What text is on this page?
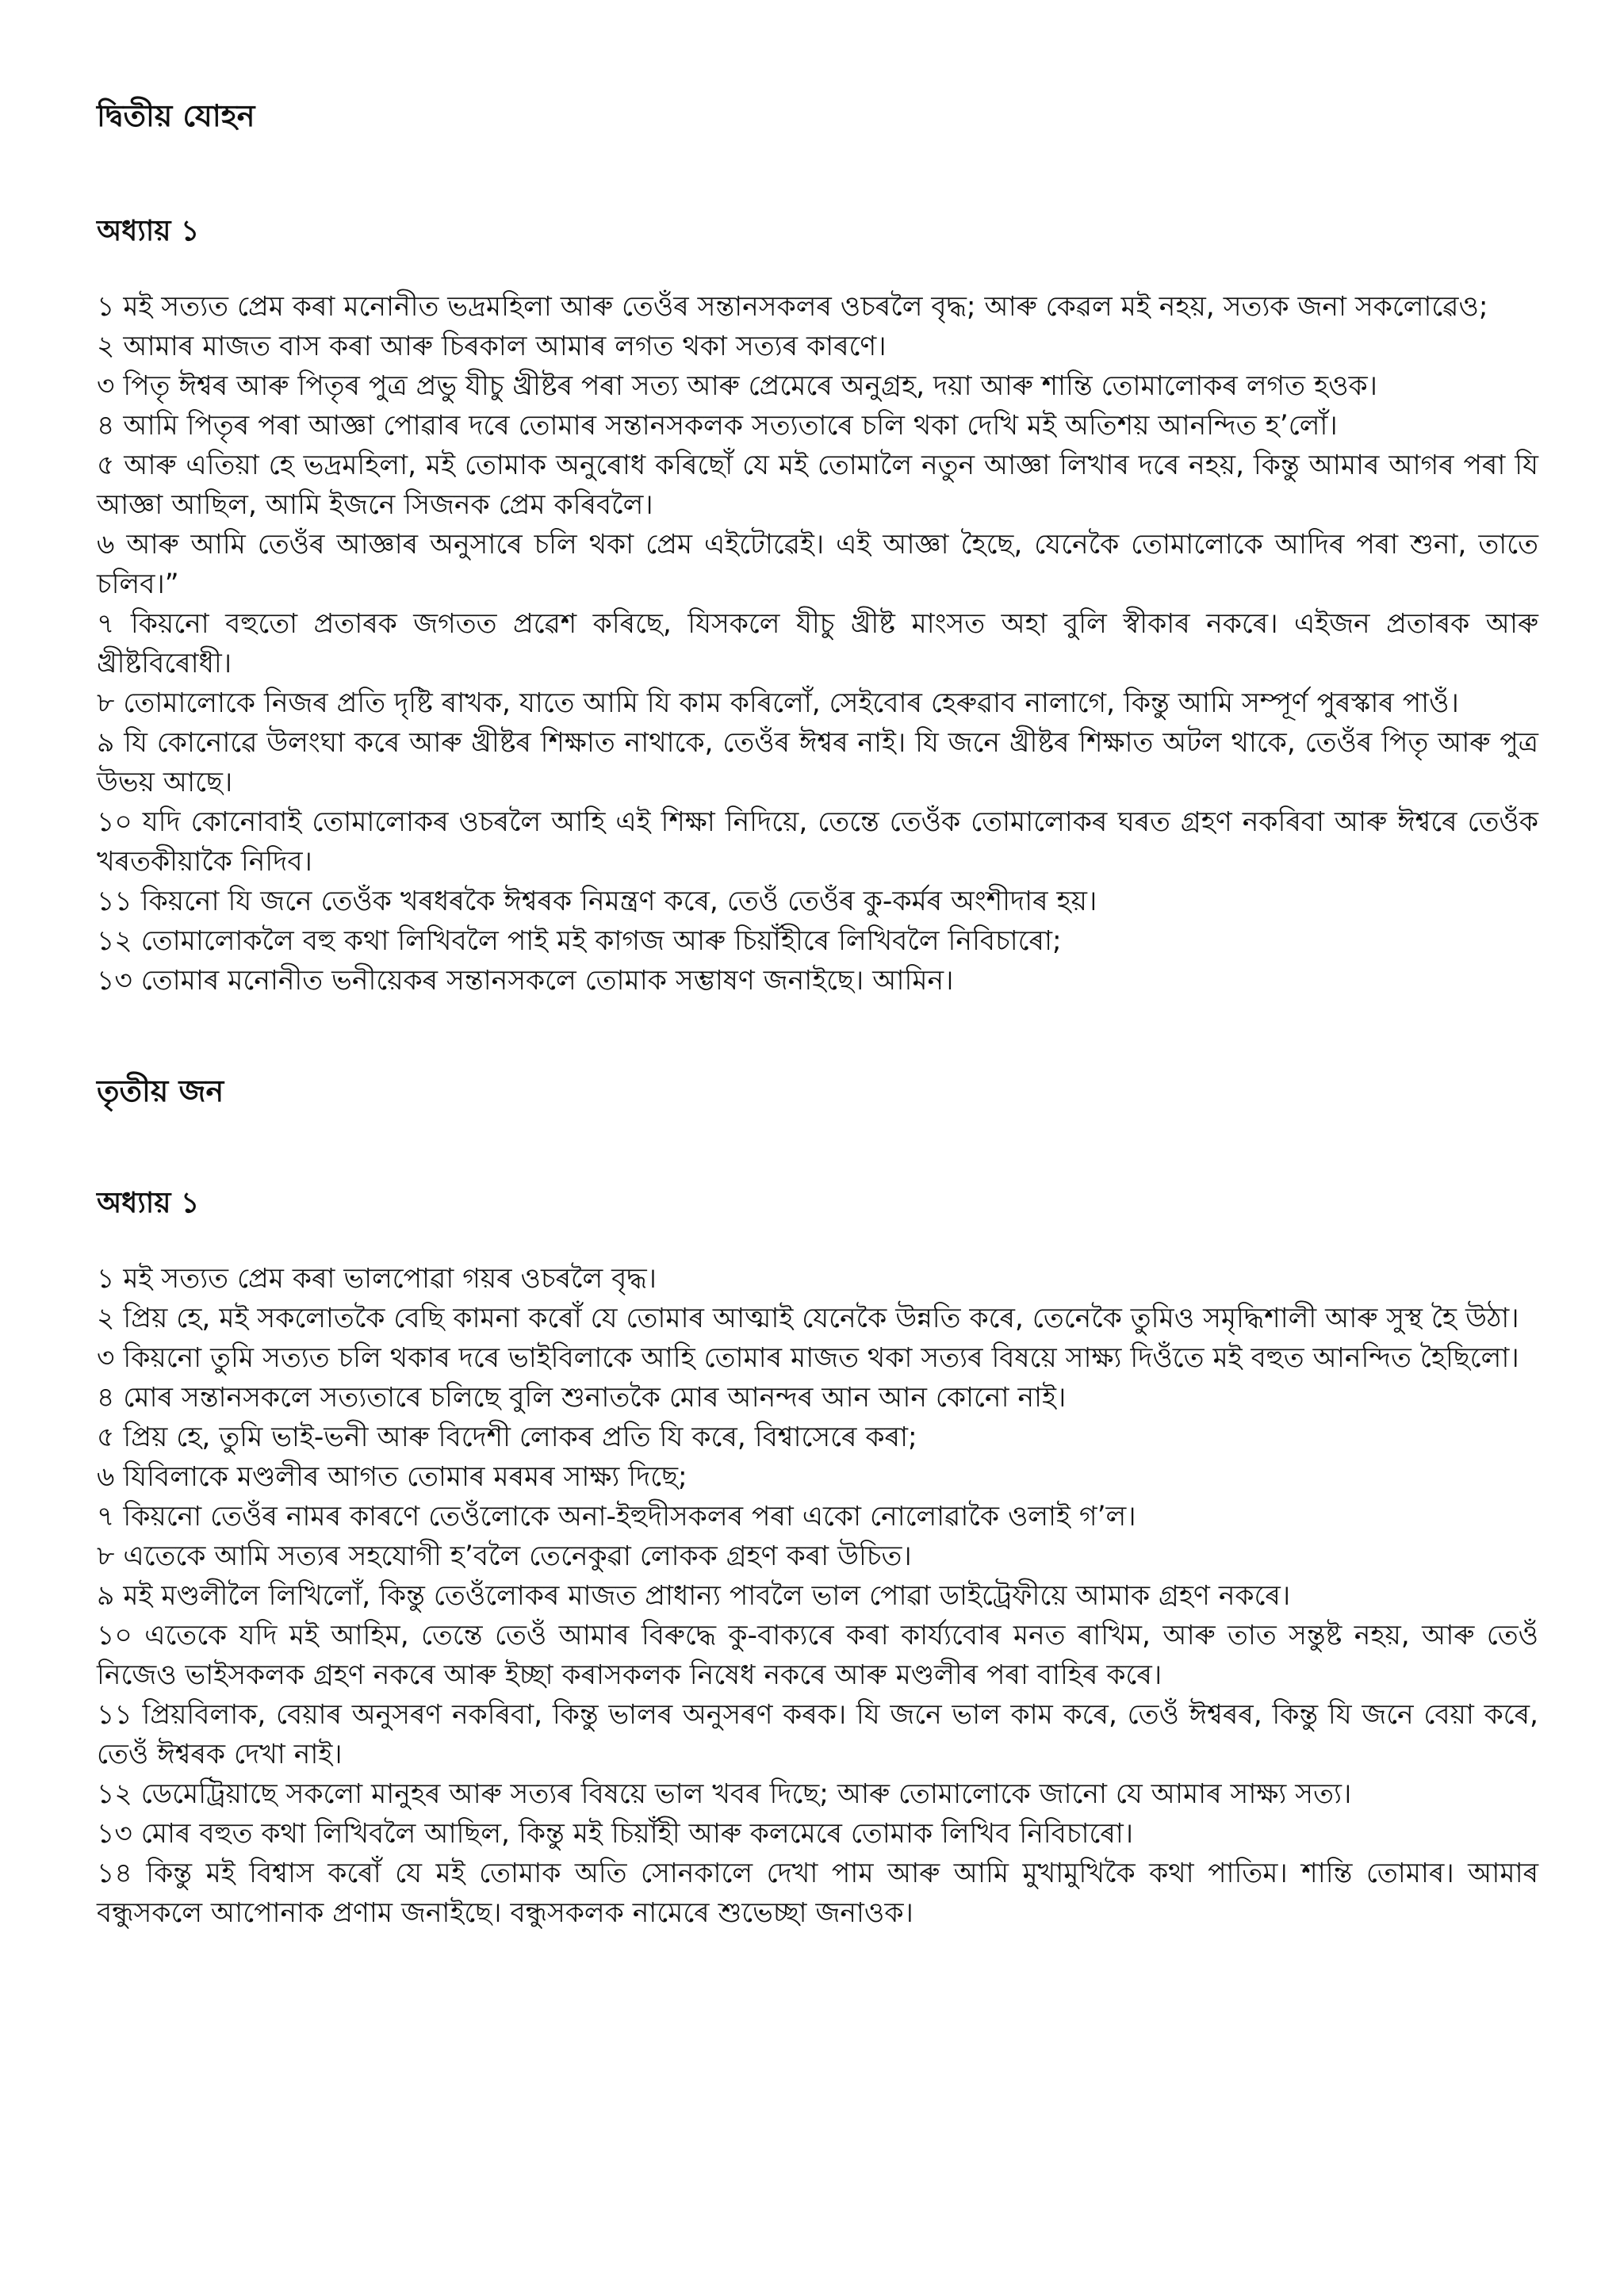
দ্বিতীয় যোহন
অধ্যায় ১

১ মই সত্যত প্ৰেম কৰা মনোনীত ভদ্ৰমহিলা আৰু তেওঁৰ সন্তানসকলৰ ওচৰলৈ বৃদ্ধ; আৰু কেৱল মই নহয়, সত্যক জনা সকলোৱেও;

২ আমাৰ মাজত বাস কৰা আৰু চিৰকাল আমাৰ লগত থকা সত্যৰ কাৰণে।

৩ পিতৃ ঈশ্বৰ আৰু পিতৃৰ পুত্ৰ প্ৰভু যীচু খ্ৰীষ্টৰ পৰা সত্য আৰু প্ৰেমেৰে অনুগ্ৰহ, দয়া আৰু শান্তি তোমালোকৰ লগত হওক।

৪ আমি পিতৃৰ পৰা আজ্ঞা পোৱাৰ দৰে তোমাৰ সন্তানসকলক সত্যতাৰে চলি থকা দেখি মই অতিশয় আনন্দিত হ’লোঁ।

৫ আৰু এতিয়া হে ভদ্ৰমহিলা, মই তোমাক অনুৰোধ কৰিছোঁ যে মই তোমালৈ নতুন আজ্ঞা লিখাৰ দৰে নহয়, কিন্তু আমাৰ আগৰ পৰা যি আজ্ঞা আছিল, আমি ইজনে সিজনক প্ৰেম কৰিবলৈ।

৬ আৰু আমি তেওঁৰ আজ্ঞাৰ অনুসাৰে চলি থকা প্ৰেম এইটোৱেই। এই আজ্ঞা হৈছে, যেনেকৈ তোমালোকে আদিৰ পৰা শুনা, তাতে চলিব।”

৭ কিয়নো বহুতো প্ৰতাৰক জগতত প্ৰৱেশ কৰিছে, যিসকলে যীচু খ্ৰীষ্ট মাংসত অহা বুলি স্বীকাৰ নকৰে। এইজন প্ৰতাৰক আৰু খ্ৰীষ্টবিৰোধী।

৮ তোমালোকে নিজৰ প্ৰতি দৃষ্টি ৰাখক, যাতে আমি যি কাম কৰিলোঁ, সেইবোৰ হেৰুৱাব নালাগে, কিন্তু আমি সম্পূৰ্ণ পুৰস্কাৰ পাওঁ।

৯ যি কোনোৱে উলংঘা কৰে আৰু খ্ৰীষ্টৰ শিক্ষাত নাথাকে, তেওঁৰ ঈশ্বৰ নাই। যি জনে খ্ৰীষ্টৰ শিক্ষাত অটল থাকে, তেওঁৰ পিতৃ আৰু পুত্ৰ উভয় আছে।

১০ যদি কোনোবাই তোমালোকৰ ওচৰলৈ আহি এই শিক্ষা নিদিয়ে, তেন্তে তেওঁক তোমালোকৰ ঘৰত গ্ৰহণ নকৰিবা আৰু ঈশ্বৰে তেওঁক খৰতকীয়াকৈ নিদিব।

১১ কিয়নো যি জনে তেওঁক খৰধৰকৈ ঈশ্বৰক নিমন্ত্ৰণ কৰে, তেওঁ তেওঁৰ কু-কৰ্মৰ অংশীদাৰ হয়।

১২ তোমালোকলৈ বহু কথা লিখিবলৈ পাই মই কাগজ আৰু চিয়াঁহীৰে লিখিবলৈ নিবিচাৰো;

১৩ তোমাৰ মনোনীত ভনীয়েকৰ সন্তানসকলে তোমাক সম্ভাষণ জনাইছে। আমিন।

তৃতীয় জন
অধ্যায় ১

১ মই সত্যত প্ৰেম কৰা ভালপোৱা গয়ৰ ওচৰলৈ বৃদ্ধ।

২ প্ৰিয় হে, মই সকলোতকৈ বেছি কামনা কৰোঁ যে তোমাৰ আত্মাই যেনেকৈ উন্নতি কৰে, তেনেকৈ তুমিও সমৃদ্ধিশালী আৰু সুস্থ হৈ উঠা।

৩ কিয়নো তুমি সত্যত চলি থকাৰ দৰে ভাইবিলাকে আহি তোমাৰ মাজত থকা সত্যৰ বিষয়ে সাক্ষ্য দিওঁতে মই বহুত আনন্দিত হৈছিলো।

৪ মোৰ সন্তানসকলে সত্যতাৰে চলিছে বুলি শুনাতকৈ মোৰ আনন্দৰ আন আন কোনো নাই।

৫ প্ৰিয় হে, তুমি ভাই-ভনী আৰু বিদেশী লোকৰ প্ৰতি যি কৰে, বিশ্বাসেৰে কৰা;

৬ যিবিলাকে মণ্ডলীৰ আগত তোমাৰ মৰমৰ সাক্ষ্য দিছে;

৭ কিয়নো তেওঁৰ নামৰ কাৰণে তেওঁলোকে অনা-ইহুদীসকলৰ পৰা একো নোলোৱাকৈ ওলাই গ’ল।

৮ এতেকে আমি সত্যৰ সহযোগী হ’বলৈ তেনেকুৱা লোকক গ্ৰহণ কৰা উচিত।

৯ মই মণ্ডলীলৈ লিখিলোঁ, কিন্তু তেওঁলোকৰ মাজত প্ৰাধান্য পাবলৈ ভাল পোৱা ডাইট্ৰেফীয়ে আমাক গ্ৰহণ নকৰে।

১০ এতেকে যদি মই আহিম, তেন্তে তেওঁ আমাৰ বিৰুদ্ধে কু-বাক্যৰে কৰা কাৰ্য্যবোৰ মনত ৰাখিম, আৰু তাত সন্তুষ্ট নহয়, আৰু তেওঁ নিজেও ভাইসকলক গ্ৰহণ নকৰে আৰু ইচ্ছা কৰাসকলক নিষেধ নকৰে আৰু মণ্ডলীৰ পৰা বাহিৰ কৰে।

১১ প্ৰিয়বিলাক, বেয়াৰ অনুসৰণ নকৰিবা, কিন্তু ভালৰ অনুসৰণ কৰক। যি জনে ভাল কাম কৰে, তেওঁ ঈশ্বৰৰ, কিন্তু যি জনে বেয়া কৰে, তেওঁ ঈশ্বৰক দেখা নাই।

১২ ডেমেট্ৰিয়াছে সকলো মানুহৰ আৰু সত্যৰ বিষয়ে ভাল খবৰ দিছে; আৰু তোমালোকে জানো যে আমাৰ সাক্ষ্য সত্য।

১৩ মোৰ বহুত কথা লিখিবলৈ আছিল, কিন্তু মই চিয়াঁহী আৰু কলমেৰে তোমাক লিখিব নিবিচাৰো।

১৪ কিন্তু মই বিশ্বাস কৰোঁ যে মই তোমাক অতি সোনকালে দেখা পাম আৰু আমি মুখামুখিকৈ কথা পাতিম। শান্তি তোমাৰ। আমাৰ বন্ধুসকলে আপোনাক প্ৰণাম জনাইছে। বন্ধুসকলক নামেৰে শুভেচ্ছা জনাওক।
